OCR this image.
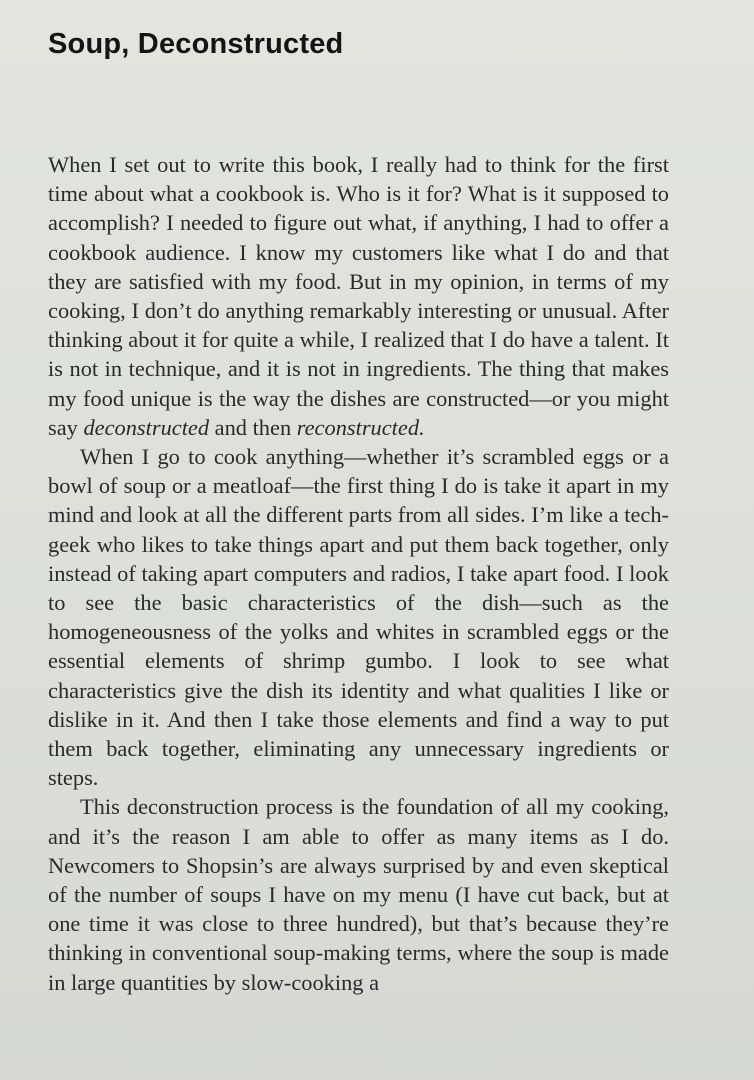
Soup, Deconstructed

When I set out to write this book, I really had to think for the first time about what a cookbook is. Who is it for? What is it supposed to accomplish? I needed to figure out what, if anything, I had to offer a cookbook audience. I know my customers like what I do and that they are satisfied with my food. But in my opinion, in terms of my cooking, I don’t do anything remarkably interesting or unusual. After thinking about it for quite a while, I realized that I do have a talent. It is not in technique, and it is not in ingredients. The thing that makes my food unique is the way the dishes are constructed—or you might say deconstructed and then reconstructed.

When I go to cook anything—whether it’s scrambled eggs or a bowl of soup or a meatloaf—the first thing I do is take it apart in my mind and look at all the different parts from all sides. I’m like a tech-geek who likes to take things apart and put them back together, only instead of taking apart computers and radios, I take apart food. I look to see the basic characteristics of the dish—such as the homogeneousness of the yolks and whites in scrambled eggs or the essential elements of shrimp gumbo. I look to see what characteristics give the dish its identity and what qualities I like or dislike in it. And then I take those elements and find a way to put them back together, eliminating any unnecessary ingredients or steps.

This deconstruction process is the foundation of all my cooking, and it’s the reason I am able to offer as many items as I do. Newcomers to Shopsin’s are always surprised by and even skeptical of the number of soups I have on my menu (I have cut back, but at one time it was close to three hundred), but that’s because they’re thinking in conventional soup-making terms, where the soup is made in large quantities by slow-cooking a
